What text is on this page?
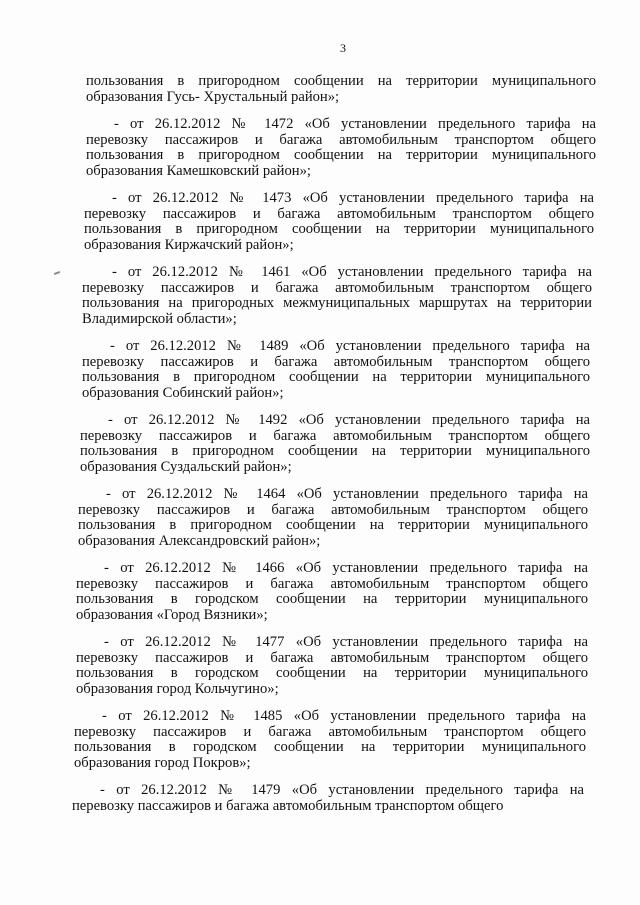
3
пользования в пригородном сообщении на территории муниципального
образования Гусь- Хрустальный район»;
- от 26.12.2012 № 1472 «Об установлении предельного тарифа на
перевозку пассажиров и багажа автомобильным транспортом общего
пользования в пригородном сообщении на территории муниципального
образования Камешковский район»;
- от 26.12.2012 № 1473 «Об установлении предельного тарифа на
перевозку пассажиров и багажа автомобильным транспортом общего
пользования в пригородном сообщении на территории муниципального
образования Киржачский район»;
- от 26.12.2012 № 1461 «Об установлении предельного тарифа на
перевозку пассажиров и багажа автомобильным транспортом общего
пользования на пригородных межмуниципальных маршрутах на территории
Владимирской области»;
- от 26.12.2012 № 1489 «Об установлении предельного тарифа на
перевозку пассажиров и багажа автомобильным транспортом общего
пользования в пригородном сообщении на территории муниципального
образования Собинский район»;
- от 26.12.2012 № 1492 «Об установлении предельного тарифа на
перевозку пассажиров и багажа автомобильным транспортом общего
пользования в пригородном сообщении на территории муниципального
образования Суздальский район»;
- от 26.12.2012 № 1464 «Об установлении предельного тарифа на
перевозку пассажиров и багажа автомобильным транспортом общего
пользования в пригородном сообщении на территории муниципального
образования Александровский район»;
- от 26.12.2012 № 1466 «Об установлении предельного тарифа на
перевозку пассажиров и багажа автомобильным транспортом общего
пользования в городском сообщении на территории муниципального
образования «Город Вязники»;
- от 26.12.2012 № 1477 «Об установлении предельного тарифа на
перевозку пассажиров и багажа автомобильным транспортом общего
пользования в городском сообщении на территории муниципального
образования город Кольчугино»;
- от 26.12.2012 № 1485 «Об установлении предельного тарифа на
перевозку пассажиров и багажа автомобильным транспортом общего
пользования в городском сообщении на территории муниципального
образования город Покров»;
- от 26.12.2012 № 1479 «Об установлении предельного тарифа на
перевозку пассажиров и багажа автомобильным транспортом общего
